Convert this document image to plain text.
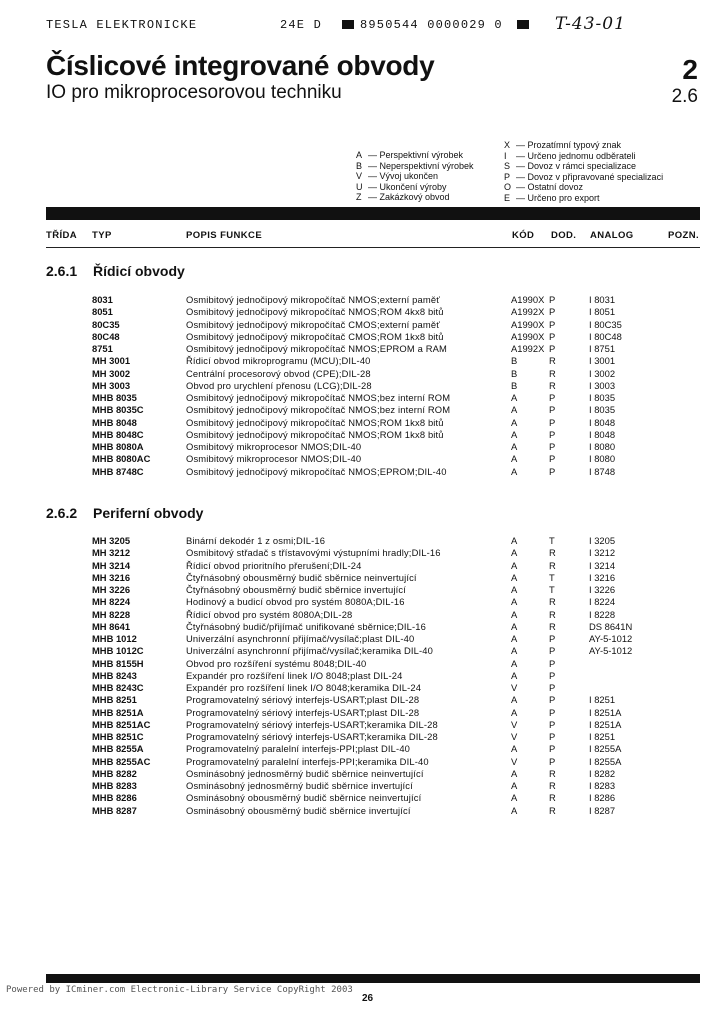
TESLA ELEKTRONICKE	24E D	8950544 0000029 0	T-43-01
Číslicové integrované obvody
IO pro mikroprocesorovou techniku
2
2.6
A — Perspektivní výrobek
B — Neperspektivní výrobek
V — Vývoj ukončen
U — Ukončení výroby
Z — Zakázkový obvod
X — Prozatímní typový znak
I — Určeno jednomu odběrateli
S — Dovoz v rámci specializace
P — Dovoz v připravované specializaci
O — Ostatní dovoz
E — Určeno pro export
TŘÍDA TYP	POPIS FUNKCE	KÓD DOD. ANALOG	POZN.
2.6.1 Řídicí obvody
8031	Osmibitový jednočipový mikropočítač NMOS;externí paměť	A1990X P	I 8031
8051	Osmibitový jednočipový mikropočítač NMOS;ROM 4kx8 bitů	A1992X P	I 8051
80C35	Osmibitový jednočipový mikropočítač CMOS;externí paměť	A1990X P	I 80C35
80C48	Osmibitový jednočipový mikropočítač CMOS;ROM 1kx8 bitů	A1990X P	I 80C48
8751	Osmibitový jednočipový mikropočítač NMOS;EPROM a RAM	A1992X P	I 8751
MH 3001	Řídicí obvod mikroprogramu (MCU);DIL-40	B	R	I 3001
MH 3002	Centrální procesorový obvod (CPE);DIL-28	B	R	I 3002
MH 3003	Obvod pro urychlení přenosu (LCG);DIL-28	B	R	I 3003
MHB 8035	Osmibitový jednočipový mikropočítač NMOS;bez interní ROM	A	P	I 8035
MHB 8035C	Osmibitový jednočipový mikropočítač NMOS;bez interní ROM	A	P	I 8035
MHB 8048	Osmibitový jednočipový mikropočítač NMOS;ROM 1kx8 bitů	A	P	I 8048
MHB 8048C	Osmibitový jednočipový mikropočítač NMOS;ROM 1kx8 bitů	A	P	I 8048
MHB 8080A	Osmibitový mikroprocesor NMOS;DIL-40	A	P	I 8080
MHB 8080AC	Osmibitový mikroprocesor NMOS;DIL-40	A	P	I 8080
MHB 8748C	Osmibitový jednočipový mikropočítač NMOS;EPROM;DIL-40	A	P	I 8748
2.6.2 Periferní obvody
MH 3205	Binární dekodér 1 z osmi;DIL-16	A	T	I 3205
MH 3212	Osmibitový střadač s třístavovými výstupními hradly;DIL-16	A	R	I 3212
MH 3214	Řídicí obvod prioritního přerušení;DIL-24	A	R	I 3214
MH 3216	Čtyřnásobný obousměrný budič sběrnice neinvertující	A	T	I 3216
MH 3226	Čtyřnásobný obousměrný budič sběrnice invertující	A	T	I 3226
MH 8224	Hodinový a budicí obvod pro systém 8080A;DIL-16	A	R	I 8224
MH 8228	Řídicí obvod pro systém 8080A;DIL-28	A	R	I 8228
MH 8641	Čtyřnásobný budič/přijímač unifikované sběrnice;DIL-16	A	R	DS 8641N
MHB 1012	Univerzální asynchronní přijímač/vysílač;plast DIL-40	A	P	AY-5-1012
MHB 1012C	Univerzální asynchronní přijímač/vysílač;keramika DIL-40	A	P	AY-5-1012
MHB 8155H	Obvod pro rozšíření systému 8048;DIL-40	A	P
MHB 8243	Expandér pro rozšíření linek I/O 8048;plast DIL-24	A	P
MHB 8243C	Expandér pro rozšíření linek I/O 8048;keramika DIL-24	V	P
MHB 8251	Programovatelný sériový interfejs-USART;plast DIL-28	A	P	I 8251
MHB 8251A	Programovatelný sériový interfejs-USART;plast DIL-28	A	P	I 8251A
MHB 8251AC	Programovatelný sériový interfejs-USART;keramika DIL-28	V	P	I 8251A
MHB 8251C	Programovatelný sériový interfejs-USART;keramika DIL-28	V	P	I 8251
MHB 8255A	Programovatelný paralelní interfejs-PPI;plast DIL-40	A	P	I 8255A
MHB 8255AC	Programovatelný paralelní interfejs-PPI;keramika DIL-40	V	P	I 8255A
MHB 8282	Osminásobný jednosměrný budič sběrnice neinvertující	A	R	I 8282
MHB 8283	Osminásobný jednosměrný budič sběrnice invertující	A	R	I 8283
MHB 8286	Osminásobný obousměrný budič sběrnice neinvertující	A	R	I 8286
MHB 8287	Osminásobný obousměrný budič sběrnice invertující	A	R	I 8287
Powered by ICminer.com Electronic-Library Service CopyRight 2003
26
